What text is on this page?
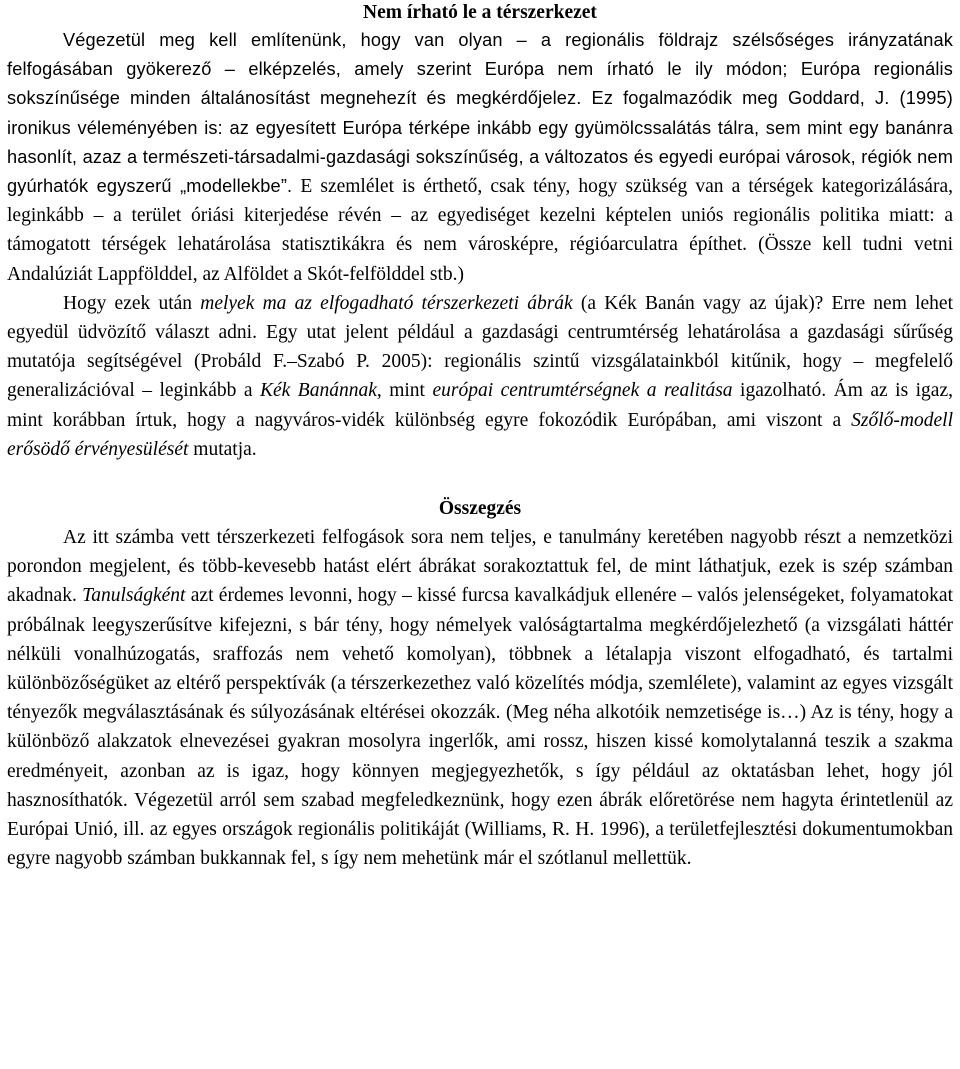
Nem írható le a térszerkezet

Végezetül meg kell említenünk, hogy van olyan – a regionális földrajz szélsőséges irányzatának felfogásában gyökerező – elképzelés, amely szerint Európa nem írható le ily módon; Európa regionális sokszínűsége minden általánosítást megnehezít és megkérdőjelez. Ez fogalmazódik meg Goddard, J. (1995) ironikus véleményében is: az egyesített Európa térképe inkább egy gyümölcssalátás tálra, sem mint egy banánra hasonlít, azaz a természeti-társadalmi-gazdasági sokszínűség, a változatos és egyedi európai városok, régiók nem gyúrhatók egyszerű „modellekbe”. E szemlélet is érthető, csak tény, hogy szükség van a térségek kategorizálására, leginkább – a terület óriási kiterjedése révén – az egyediséget kezelni képtelen uniós regionális politika miatt: a támogatott térségek lehatárolása statisztikákra és nem városképre, régióarculatra építhet. (Össze kell tudni vetni Andalúziát Lappfölddel, az Alföldet a Skót-felfölddel stb.)

Hogy ezek után melyek ma az elfogadható térszerkezeti ábrák (a Kék Banán vagy az újak)? Erre nem lehet egyedül üdvözítő választ adni. Egy utat jelent például a gazdasági centrumtérség lehatárolása a gazdasági sűrűség mutatója segítségével (Probáld F.–Szabó P. 2005): regionális szintű vizsgálatainkból kitűnik, hogy – megfelelő generalizációval – leginkább a Kék Banánnak, mint európai centrumtérségnek a realitása igazolható. Ám az is igaz, mint korábban írtuk, hogy a nagyváros-vidék különbség egyre fokozódik Európában, ami viszont a Szőlő-modell erősödő érvényesülését mutatja.

Összegzés

Az itt számba vett térszerkezeti felfogások sora nem teljes, e tanulmány keretében nagyobb részt a nemzetközi porondon megjelent, és több-kevesebb hatást elért ábrákat sorakoztattuk fel, de mint láthatjuk, ezek is szép számban akadnak. Tanulságként azt érdemes levonni, hogy – kissé furcsa kavalkádjuk ellenére – valós jelenségeket, folyamatokat próbálnak leegyszerűsítve kifejezni, s bár tény, hogy némelyek valóságtartalma megkérdőjelezhető (a vizsgálati háttér nélküli vonalhúzogatás, sraffozás nem vehető komolyan), többnek a létalapja viszont elfogadható, és tartalmi különbözőségüket az eltérő perspektívák (a térszerkezethez való közelítés módja, szemlélete), valamint az egyes vizsgált tényezők megválasztásának és súlyozásának eltérései okozzák. (Meg néha alkotóik nemzetisége is…) Az is tény, hogy a különböző alakzatok elnevezései gyakran mosolyra ingerlők, ami rossz, hiszen kissé komolytalanná teszik a szakma eredményeit, azonban az is igaz, hogy könnyen megjegyezhetők, s így például az oktatásban lehet, hogy jól hasznosíthatók. Végezetül arról sem szabad megfeledkeznünk, hogy ezen ábrák előretörése nem hagyta érintetlenül az Európai Unió, ill. az egyes országok regionális politikáját (Williams, R. H. 1996), a területfejlesztési dokumentumokban egyre nagyobb számban bukkannak fel, s így nem mehetünk már el szótlanul mellettük.
